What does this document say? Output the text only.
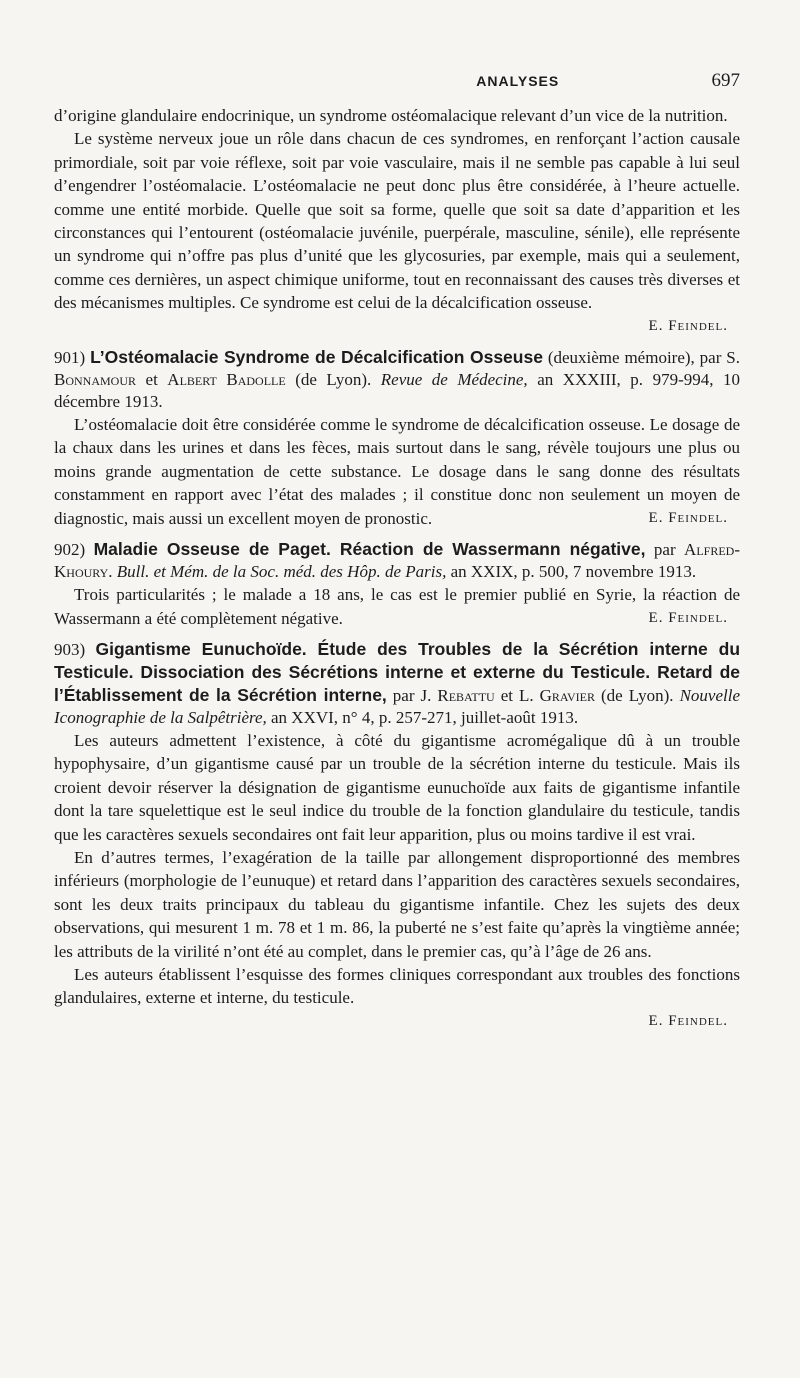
ANALYSES	697

d’origine glandulaire endocrinique, un syndrome ostéomalacique relevant d’un vice de la nutrition.

Le système nerveux joue un rôle dans chacun de ces syndromes, en renforçant l’action causale primordiale, soit par voie réflexe, soit par voie vasculaire, mais il ne semble pas capable à lui seul d’engendrer l’ostéomalacie. L’ostéomalacie ne peut donc plus être considérée, à l’heure actuelle. comme une entité morbide. Quelle que soit sa forme, quelle que soit sa date d’apparition et les circonstances qui l’entourent (ostéomalacie juvénile, puerpérale, masculine, sénile), elle représente un syndrome qui n’offre pas plus d’unité que les glycosuries, par exemple, mais qui a seulement, comme ces dernières, un aspect chimique uniforme, tout en reconnaissant des causes très diverses et des mécanismes multiples. Ce syndrome est celui de la décalcification osseuse.

E. Feindel.

901) L’Ostéomalacie Syndrome de Décalcification Osseuse (deuxième mémoire), par S. Bonnamour et Albert Badolle (de Lyon). Revue de Médecine, an XXXIII, p. 979-994, 10 décembre 1913.

L’ostéomalacie doit être considérée comme le syndrome de décalcification osseuse. Le dosage de la chaux dans les urines et dans les fèces, mais surtout dans le sang, révèle toujours une plus ou moins grande augmentation de cette substance. Le dosage dans le sang donne des résultats constamment en rapport avec l’état des malades ; il constitue donc non seulement un moyen de diagnostic, mais aussi un excellent moyen de pronostic.	E. Feindel.

902) Maladie Osseuse de Paget. Réaction de Wassermann négative, par Alfred-Khoury. Bull. et Mém. de la Soc. méd. des Hôp. de Paris, an XXIX, p. 500, 7 novembre 1913.

Trois particularités ; le malade a 18 ans, le cas est le premier publié en Syrie, la réaction de Wassermann a été complètement négative.	E. Feindel.

903) Gigantisme Eunuchoïde. Étude des Troubles de la Sécrétion interne du Testicule. Dissociation des Sécrétions interne et externe du Testicule. Retard de l’Établissement de la Sécrétion interne, par J. Rebattu et L. Gravier (de Lyon). Nouvelle Iconographie de la Salpêtrière, an XXVI, n° 4, p. 257-271, juillet-août 1913.

Les auteurs admettent l’existence, à côté du gigantisme acromégalique dû à un trouble hypophysaire, d’un gigantisme causé par un trouble de la sécrétion interne du testicule. Mais ils croient devoir réserver la désignation de gigantisme eunuchoïde aux faits de gigantisme infantile dont la tare squelettique est le seul indice du trouble de la fonction glandulaire du testicule, tandis que les caractères sexuels secondaires ont fait leur apparition, plus ou moins tardive il est vrai.

En d’autres termes, l’exagération de la taille par allongement disproportionné des membres inférieurs (morphologie de l’eunuque) et retard dans l’apparition des caractères sexuels secondaires, sont les deux traits principaux du tableau du gigantisme infantile. Chez les sujets des deux observations, qui mesurent 1 m. 78 et 1 m. 86, la puberté ne s’est faite qu’après la vingtième année; les attributs de la virilité n’ont été au complet, dans le premier cas, qu’à l’âge de 26 ans.

Les auteurs établissent l’esquisse des formes cliniques correspondant aux troubles des fonctions glandulaires, externe et interne, du testicule.

E. Feindel.
